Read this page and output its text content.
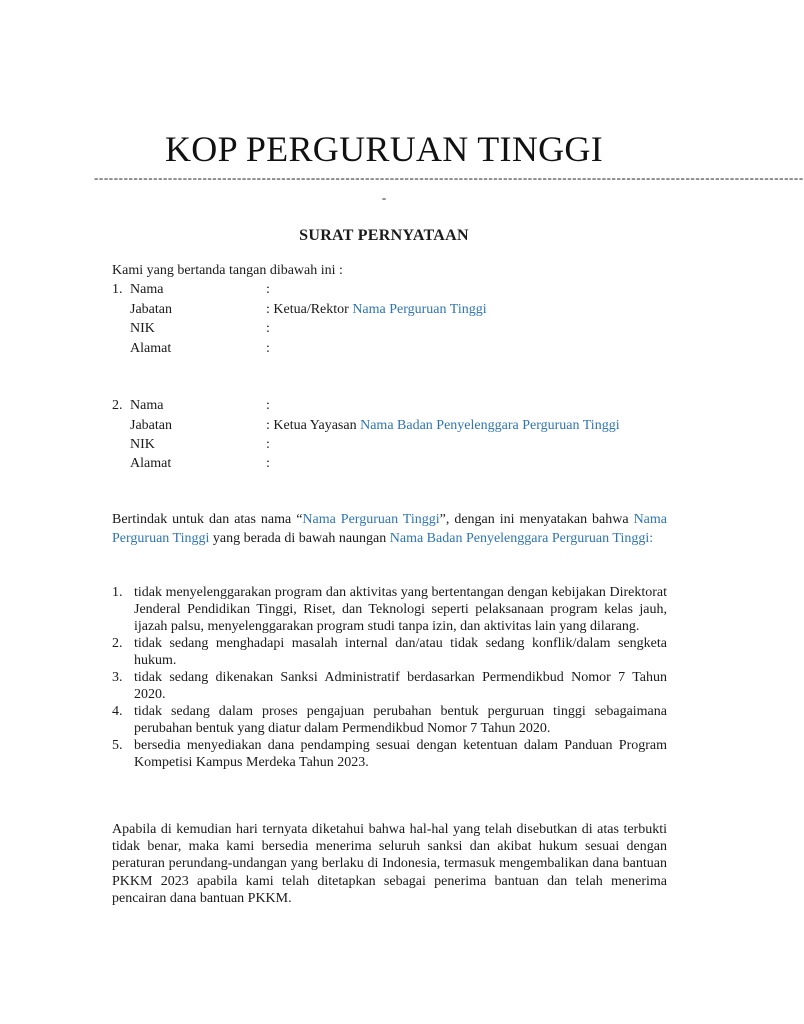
KOP PERGURUAN TINGGI
------------------------------------------------------------------------------------------------------------------------------------------------
-
SURAT PERNYATAAN
Kami yang bertanda tangan dibawah ini :
1. Nama	:
Jabatan	: Ketua/Rektor Nama Perguruan Tinggi
NIK	:
Alamat	:
2. Nama	:
Jabatan	: Ketua Yayasan Nama Badan Penyelenggara Perguruan Tinggi
NIK	:
Alamat	:
Bertindak untuk dan atas nama “Nama Perguruan Tinggi”, dengan ini menyatakan bahwa Nama Perguruan Tinggi yang berada di bawah naungan Nama Badan Penyelenggara Perguruan Tinggi:
1. tidak menyelenggarakan program dan aktivitas yang bertentangan dengan kebijakan Direktorat Jenderal Pendidikan Tinggi, Riset, dan Teknologi seperti pelaksanaan program kelas jauh, ijazah palsu, menyelenggarakan program studi tanpa izin, dan aktivitas lain yang dilarang.
2. tidak sedang menghadapi masalah internal dan/atau tidak sedang konflik/dalam sengketa hukum.
3. tidak sedang dikenakan Sanksi Administratif berdasarkan Permendikbud Nomor 7 Tahun 2020.
4. tidak sedang dalam proses pengajuan perubahan bentuk perguruan tinggi sebagaimana perubahan bentuk yang diatur dalam Permendikbud Nomor 7 Tahun 2020.
5. bersedia menyediakan dana pendamping sesuai dengan ketentuan dalam Panduan Program Kompetisi Kampus Merdeka Tahun 2023.
Apabila di kemudian hari ternyata diketahui bahwa hal-hal yang telah disebutkan di atas terbukti tidak benar, maka kami bersedia menerima seluruh sanksi dan akibat hukum sesuai dengan peraturan perundang-undangan yang berlaku di Indonesia, termasuk mengembalikan dana bantuan PKKM 2023 apabila kami telah ditetapkan sebagai penerima bantuan dan telah menerima pencairan dana bantuan PKKM.
